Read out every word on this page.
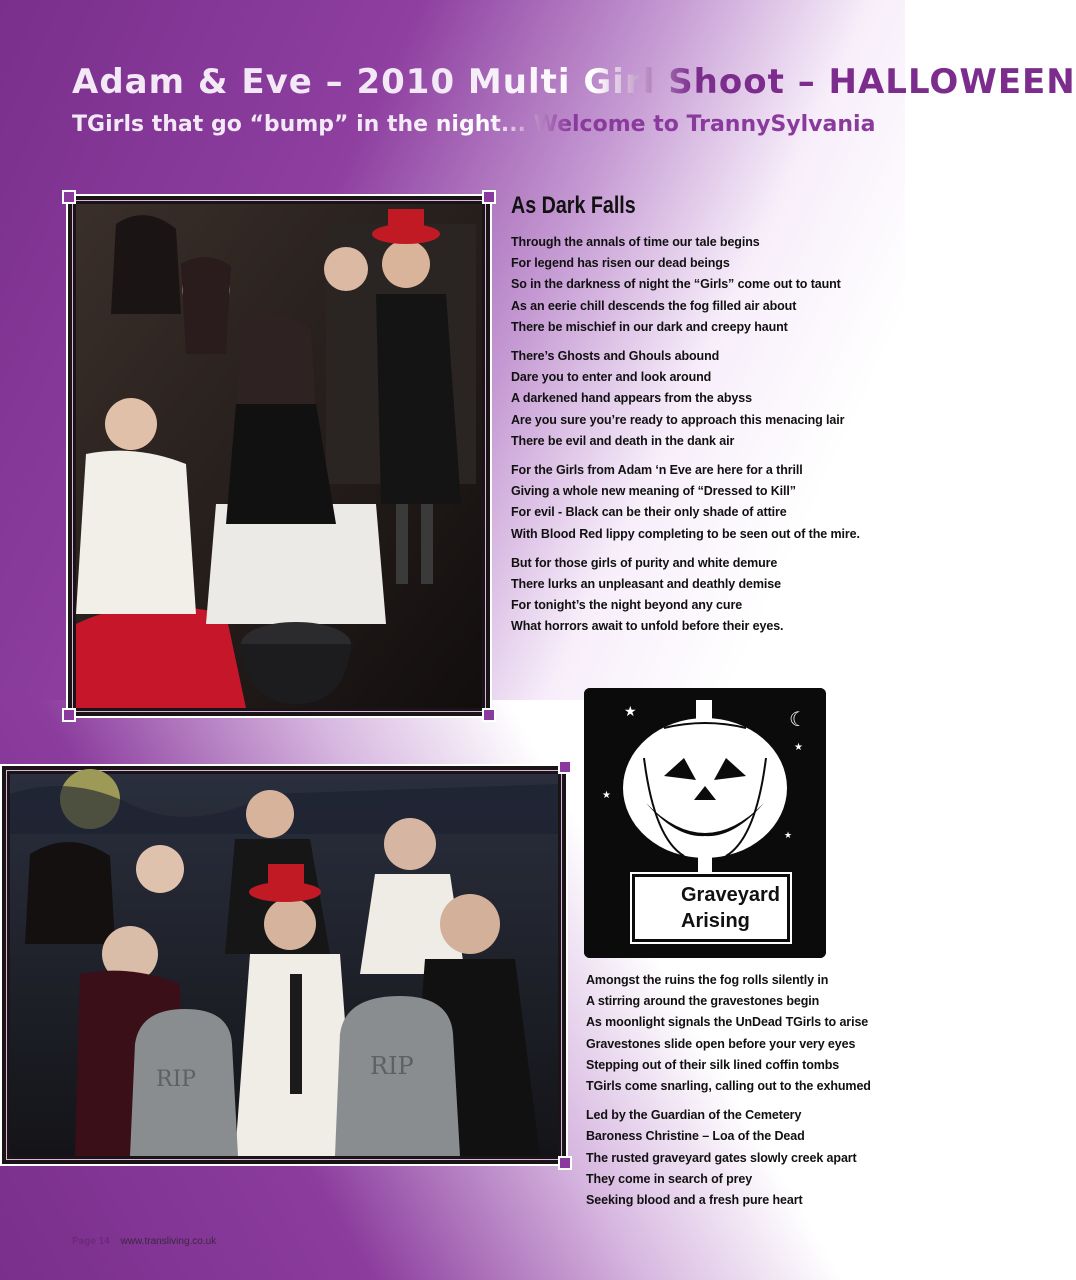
Adam & Eve – 2010 Multi Girl Shoot – HALLOWEEN
TGirls that go “bump” in the night... Welcome to TrannySylvania
As Dark Falls
Through the annals of time our tale begins
For legend has risen our dead beings
So in the darkness of night the “Girls” come out to taunt
As an eerie chill descends the fog filled air about
There be mischief in our dark and creepy haunt
There’s Ghosts and Ghouls abound
Dare you to enter and look around
A darkened hand appears from the abyss
Are you sure you’re ready to approach this menacing lair
There be evil and death in the dank air
For the Girls from Adam ‘n Eve are here for a thrill
Giving a whole new meaning of “Dressed to Kill”
For evil - Black can be their only shade of attire
With Blood Red lippy completing to be seen out of the mire.
But for those girls of purity and white demure
There lurks an unpleasant and deathly demise
For tonight’s the night beyond any cure
What horrors await to unfold before their eyes.
★	☾
★
★
★
Graveyard
Arising
RIP	RIP
Amongst the ruins the fog rolls silently in
A stirring around the gravestones begin
As moonlight signals the UnDead TGirls to arise
Gravestones slide open before your very eyes
Stepping out of their silk lined coffin tombs
TGirls come snarling, calling out to the exhumed
Led by the Guardian of the Cemetery
Baroness Christine – Loa of the Dead
The rusted graveyard gates slowly creek apart
They come in search of prey
Seeking blood and a fresh pure heart
Page 14 www.transliving.co.uk
